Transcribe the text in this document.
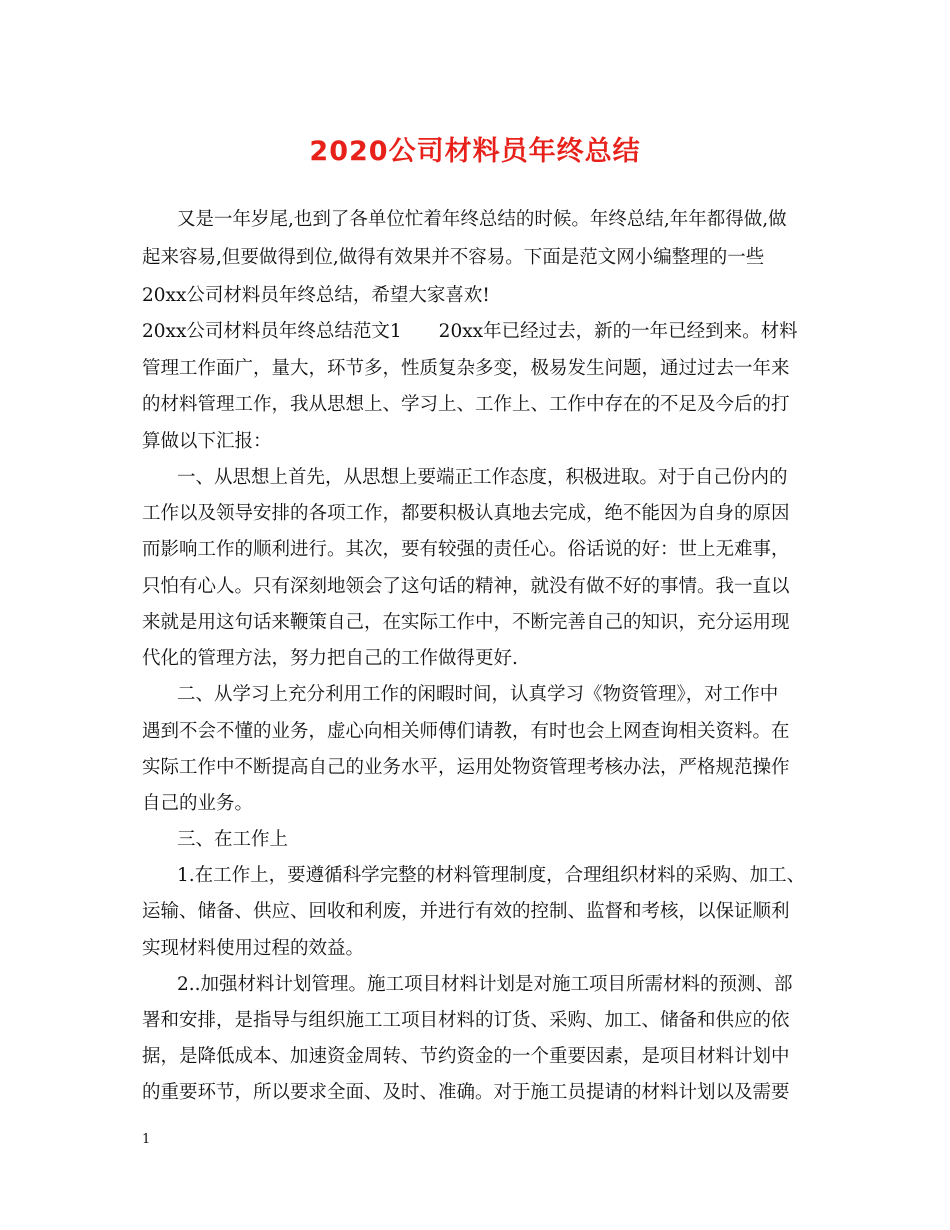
2020公司材料员年终总结
又是一年岁尾,也到了各单位忙着年终总结的时候。年终总结,年年都得做,做
起来容易,但要做得到位,做得有效果并不容易。下面是范文网小编整理的一些
20xx公司材料员年终总结，希望大家喜欢!
20xx公司材料员年终总结范文1　　20xx年已经过去，新的一年已经到来。材料
管理工作面广，量大，环节多，性质复杂多变，极易发生问题，通过过去一年来
的材料管理工作，我从思想上、学习上、工作上、工作中存在的不足及今后的打
算做以下汇报：
一、从思想上首先，从思想上要端正工作态度，积极进取。对于自己份内的
工作以及领导安排的各项工作，都要积极认真地去完成，绝不能因为自身的原因
而影响工作的顺利进行。其次，要有较强的责任心。俗话说的好：世上无难事，
只怕有心人。只有深刻地领会了这句话的精神，就没有做不好的事情。我一直以
来就是用这句话来鞭策自己，在实际工作中，不断完善自己的知识，充分运用现
代化的管理方法，努力把自己的工作做得更好.
二、从学习上充分利用工作的闲暇时间，认真学习《物资管理》，对工作中
遇到不会不懂的业务，虚心向相关师傅们请教，有时也会上网查询相关资料。在
实际工作中不断提高自己的业务水平，运用处物资管理考核办法，严格规范操作
自己的业务。
三、在工作上
1.在工作上，要遵循科学完整的材料管理制度，合理组织材料的采购、加工、
运输、储备、供应、回收和利废，并进行有效的控制、监督和考核，以保证顺利
实现材料使用过程的效益。
2..加强材料计划管理。施工项目材料计划是对施工项目所需材料的预测、部
署和安排，是指导与组织施工工项目材料的订货、采购、加工、储备和供应的依
据，是降低成本、加速资金周转、节约资金的一个重要因素，是项目材料计划中
的重要环节，所以要求全面、及时、准确。对于施工员提请的材料计划以及需要
1
